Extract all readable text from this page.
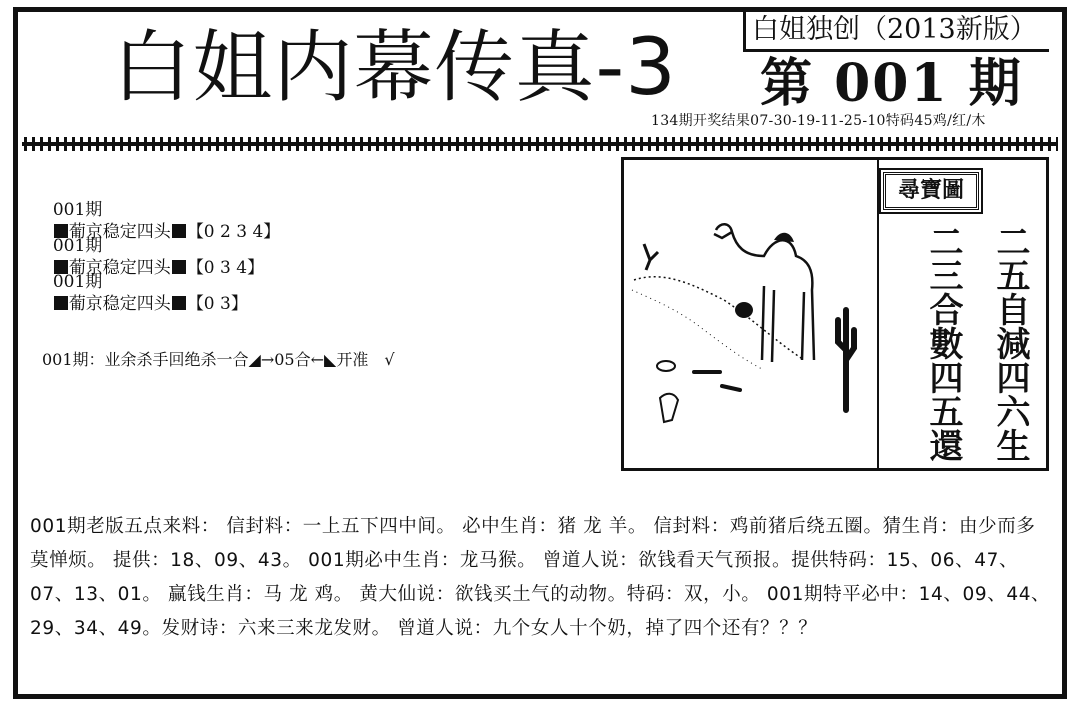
白姐内幕传真-3	白姐独创（2013新版）
第 001 期
134期开奖结果07-30-19-11-25-10特码45鸡/红/木

001期
葡京稳定四头 【0 2 3 4】

001期
葡京稳定四头 【0 3 4】

001期
葡京稳定四头 【0 3】

001期：业余杀手回绝杀一合◢→05合←◣开准　√
尋寶圖
二三合數四五還 二五自減四六生
001期老版五点来料： 信封料：一上五下四中间。 必中生肖：猪 龙 羊。 信封料：鸡前猪后绕五圈。猜生肖：由少而多莫惮烦。 提供：18、09、43。 001期必中生肖：龙马猴。 曾道人说：欲钱看天气预报。提供特码：15、06、47、07、13、01。 赢钱生肖：马 龙 鸡。 黄大仙说：欲钱买土气的动物。特码：双，小。 001期特平必中：14、09、44、29、34、49。发财诗：六来三来龙发财。 曾道人说：九个女人十个奶，掉了四个还有？？？
